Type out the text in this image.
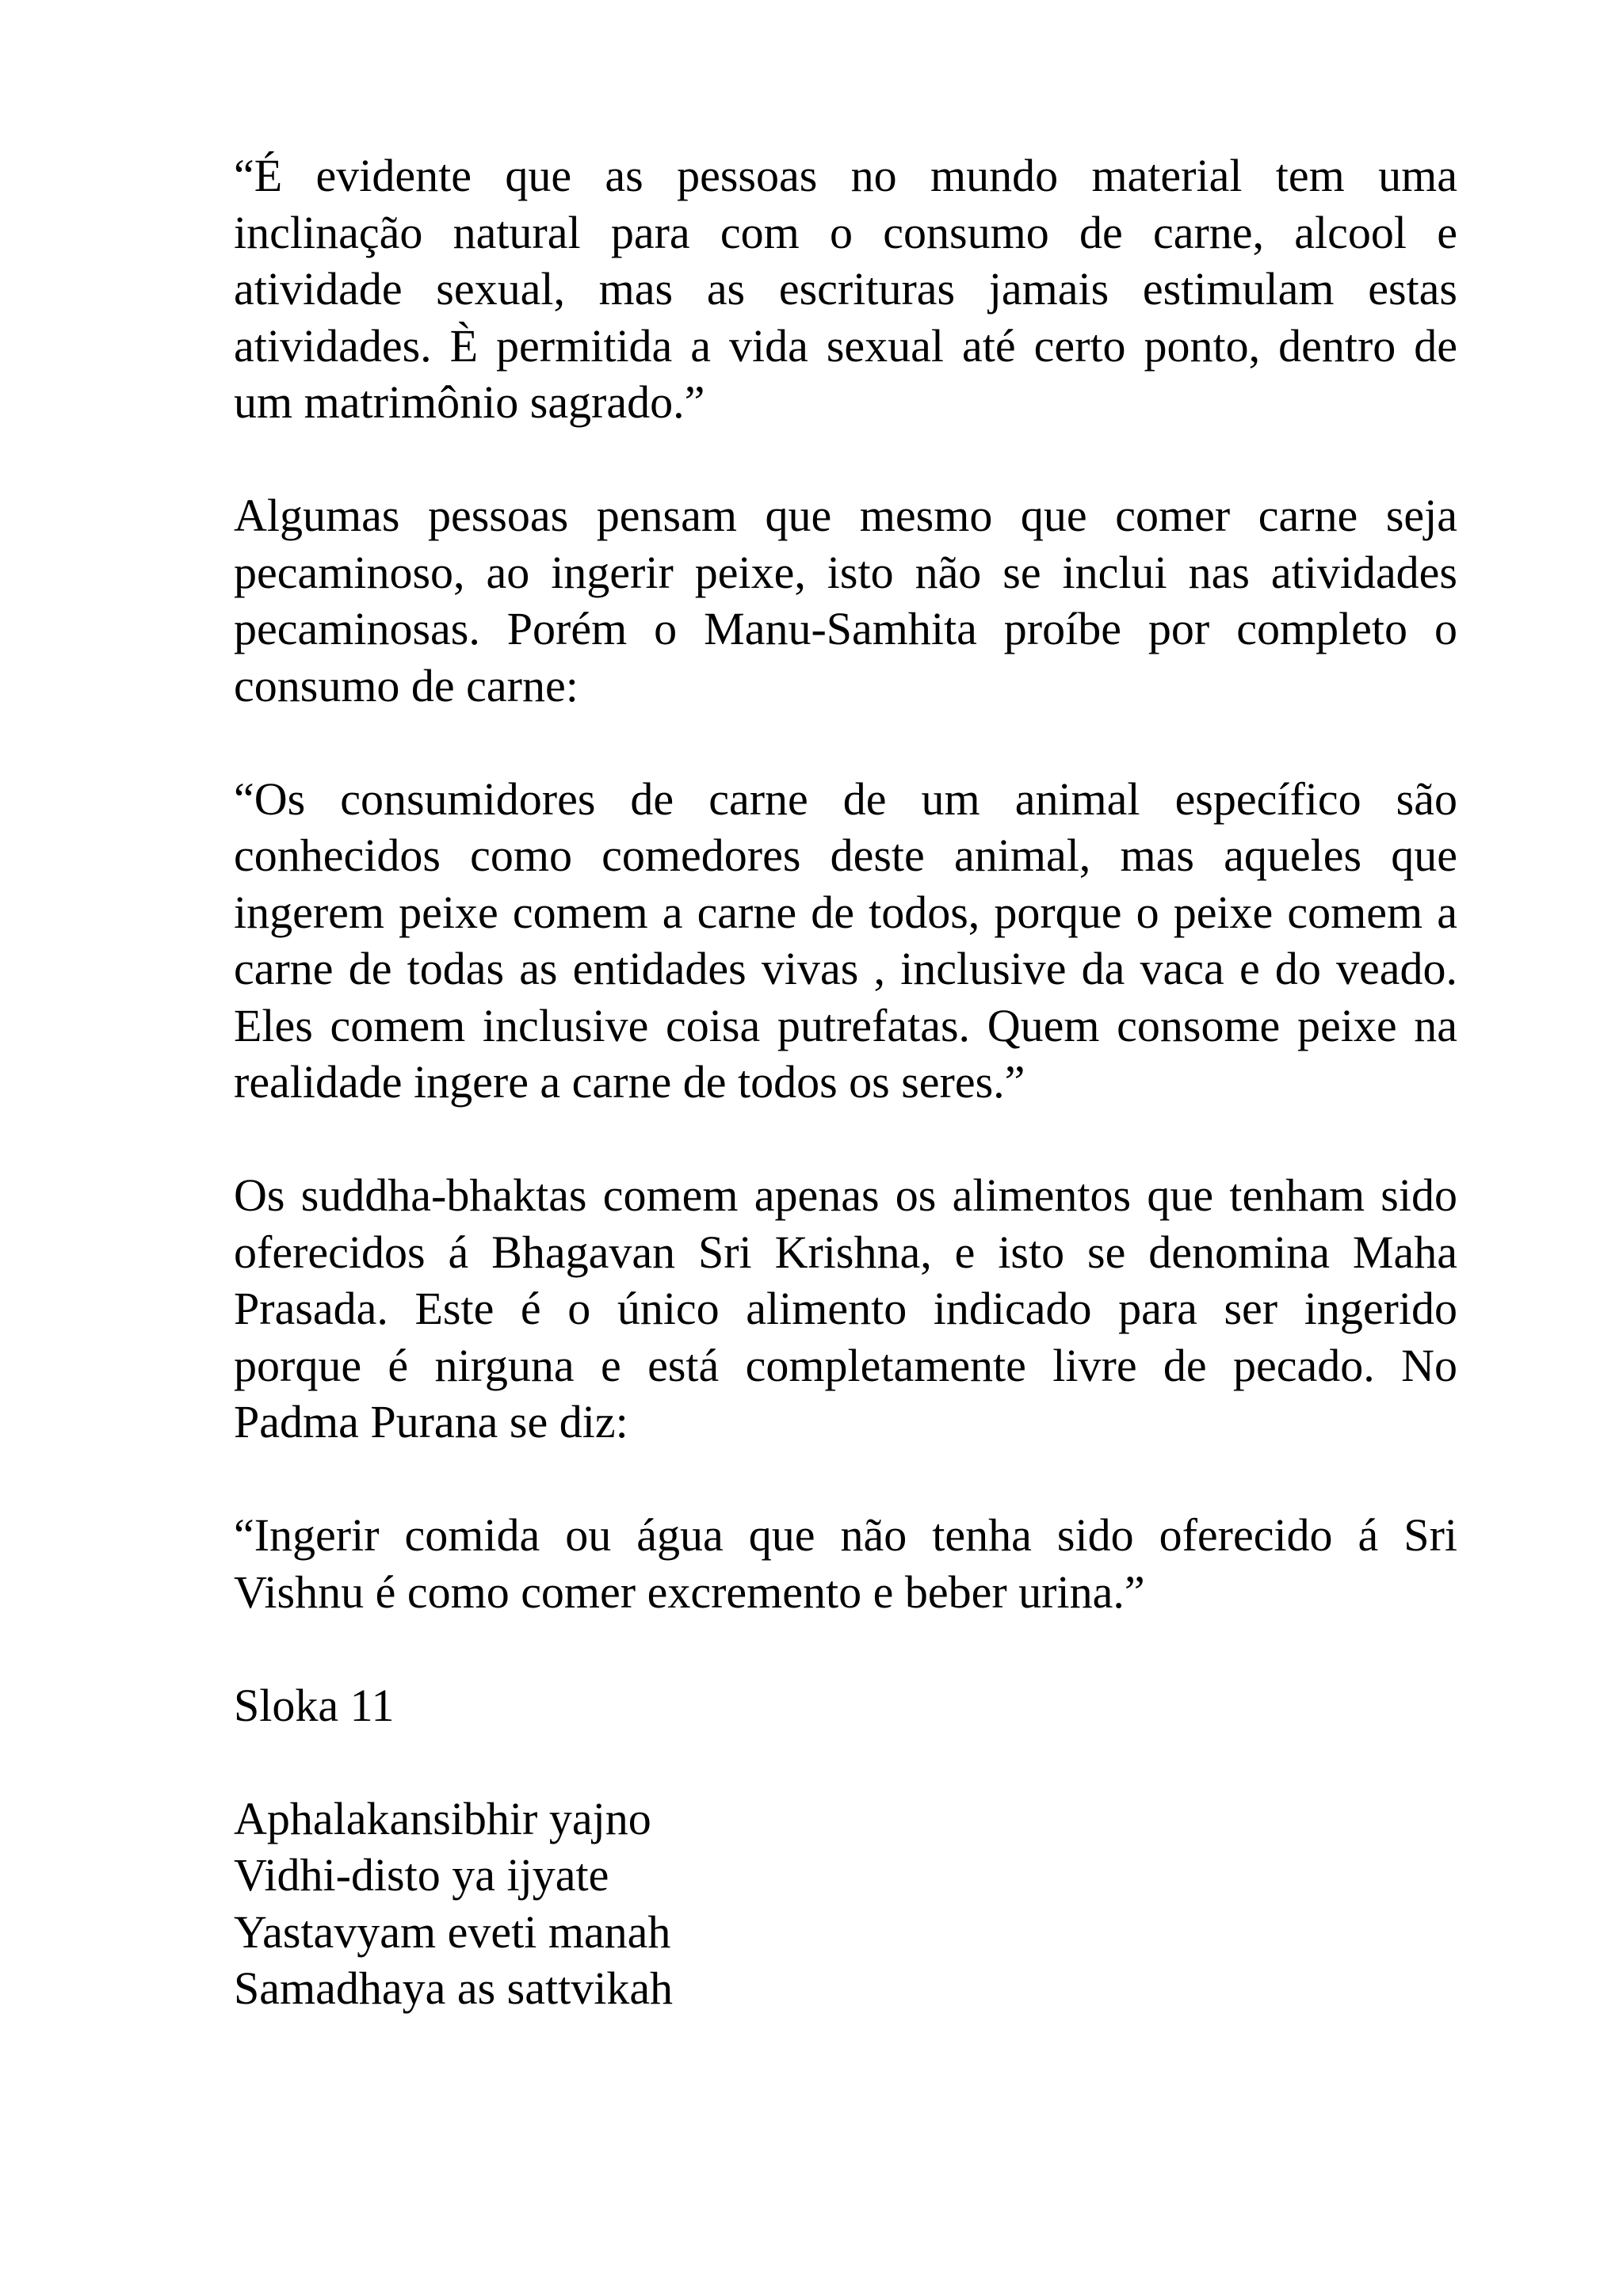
“É evidente que as pessoas no mundo material tem uma inclinação natural para com o consumo de carne, alcool e atividade sexual, mas as escrituras jamais estimulam estas atividades. È permitida a vida sexual até certo ponto, dentro de um matrimônio sagrado.”

Algumas pessoas pensam que mesmo que comer carne seja pecaminoso, ao ingerir peixe, isto não se inclui nas atividades pecaminosas. Porém o Manu-Samhita proíbe por completo o consumo de carne:

“Os consumidores de carne de um animal específico são conhecidos como comedores deste animal, mas aqueles que ingerem peixe comem a carne de todos, porque o peixe comem a carne de todas as entidades vivas , inclusive da vaca e do veado. Eles comem inclusive coisa putrefatas. Quem consome peixe na realidade ingere a carne de todos os seres.”

Os suddha-bhaktas comem apenas os alimentos que tenham sido oferecidos á Bhagavan Sri Krishna, e isto se denomina Maha Prasada. Este é o único alimento indicado para ser ingerido porque é nirguna e está completamente livre de pecado. No Padma Purana se diz:

“Ingerir comida ou água que não tenha sido oferecido á Sri Vishnu é como comer excremento e beber urina.”

Sloka 11

Aphalakansibhir yajno
Vidhi-disto ya ijyate
Yastavyam eveti manah
Samadhaya as sattvikah
